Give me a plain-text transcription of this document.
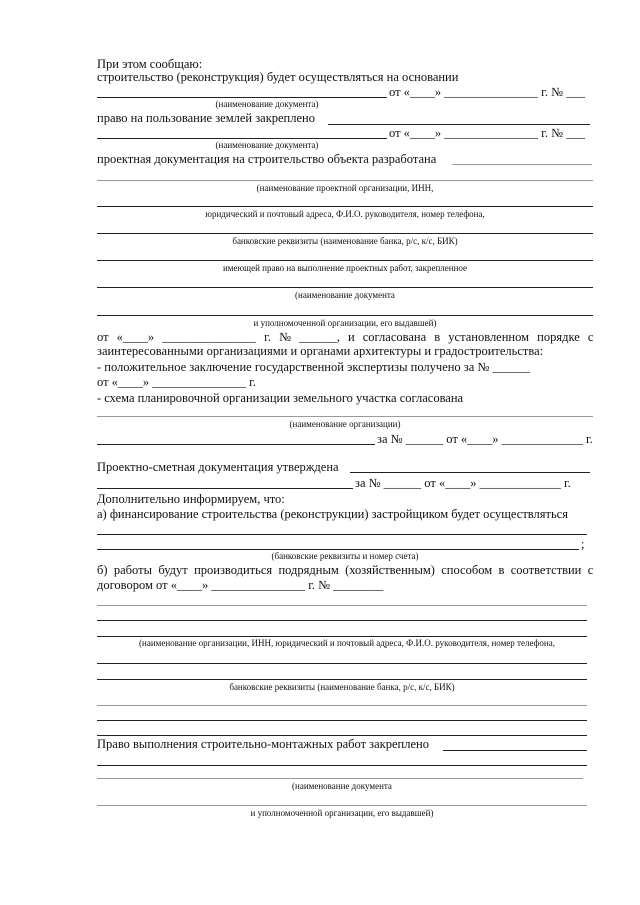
При этом сообщаю:
строительство (реконструкция) будет осуществляться на основании
от «____» _______________ г. № ___
(наименование документа)
право на пользование землей закреплено
от «____» _______________ г. № ___
(наименование документа)
проектная документация на строительство объекта разработана
(наименование проектной организации, ИНН,
юридический и почтовый адреса, Ф.И.О. руководителя, номер телефона,
банковские реквизиты (наименование банка, р/с, к/с, БИК)
имеющей право на выполнение проектных работ, закрепленное
(наименование документа
и уполномоченной организации, его выдавшей)
от «____» _______________ г. № ______, и согласована в установленном порядке с
заинтересованными организациями и органами архитектуры и градостроительства:
- положительное заключение государственной экспертизы получено за № ______
от «____» _______________ г.
- схема планировочной организации земельного участка согласована
(наименование организации)
за № ______ от «____» _____________ г.
Проектно-сметная документация утверждена
за № ______ от «____» _____________ г.
Дополнительно информируем, что:
а) финансирование строительства (реконструкции) застройщиком будет осуществляться
;
(банковские реквизиты и номер счета)
б) работы будут производиться подрядным (хозяйственным) способом в соответствии с
договором от «____» _______________ г. № ________
(наименование организации, ИНН, юридический и почтовый адреса, Ф.И.О. руководителя, номер телефона,
банковские реквизиты (наименование банка, р/с, к/с, БИК)
Право выполнения строительно-монтажных работ закреплено
(наименование документа
и уполномоченной организации, его выдавшей)
